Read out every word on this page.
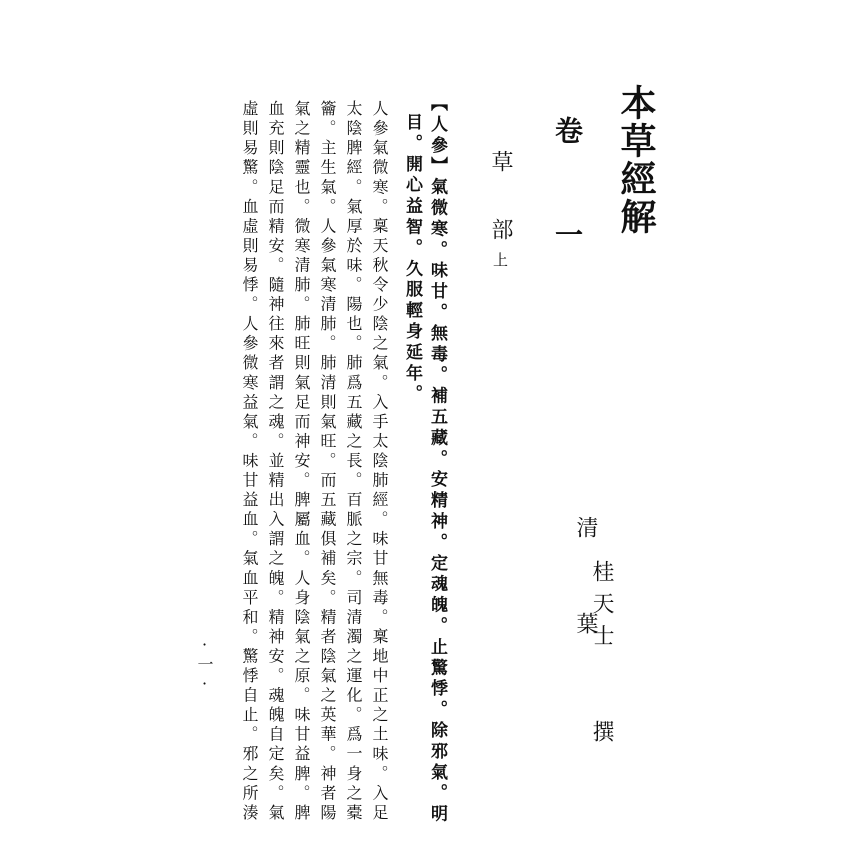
本草經解
卷　一
草　部上
清　　葉
桂天士　　撰
【人參】氣微寒。味甘。無毒。補五藏。安精神。定魂魄。止驚悸。除邪氣。明
目。開心益智。久服輕身延年。
人參氣微寒。稟天秋令少陰之氣。入手太陰肺經。味甘無毒。稟地中正之土味。入足
太陰脾經。氣厚於味。陽也。肺爲五藏之長。百脈之宗。司清濁之運化。爲一身之橐
籥。主生氣。人參氣寒清肺。肺清則氣旺。而五藏俱補矣。精者陰氣之英華。神者陽
氣之精靈也。微寒清肺。肺旺則氣足而神安。脾屬血。人身陰氣之原。味甘益脾。脾
血充則陰足而精安。隨神往來者謂之魂。並精出入謂之魄。精神安。魂魄自定矣。氣
虛則易驚。血虛則易悸。人參微寒益氣。味甘益血。氣血平和。驚悸自止。邪之所湊
·一·
